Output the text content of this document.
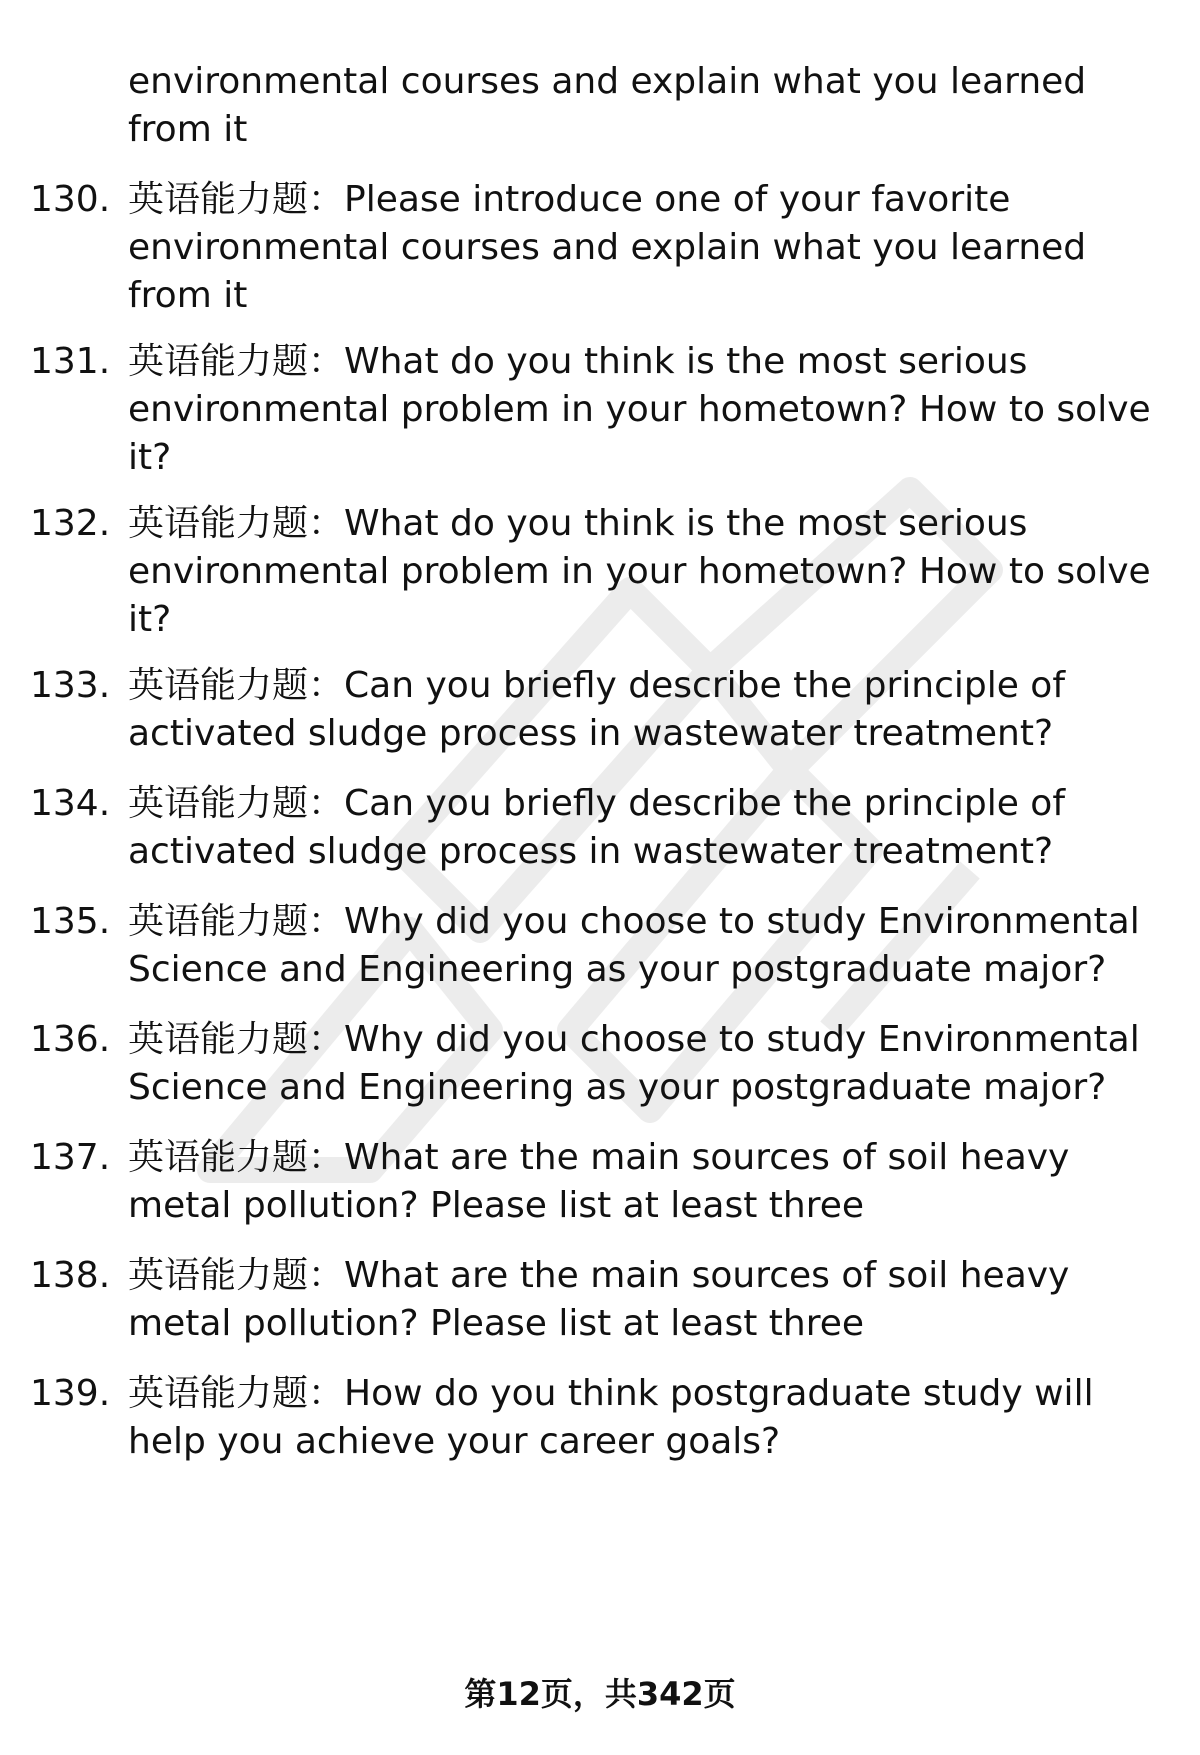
environmental courses and explain what you learned from it
130. 英语能力题：Please introduce one of your favorite environmental courses and explain what you learned from it
131. 英语能力题：What do you think is the most serious environmental problem in your hometown? How to solve it?
132. 英语能力题：What do you think is the most serious environmental problem in your hometown? How to solve it?
133. 英语能力题：Can you briefly describe the principle of activated sludge process in wastewater treatment?
134. 英语能力题：Can you briefly describe the principle of activated sludge process in wastewater treatment?
135. 英语能力题：Why did you choose to study Environmental Science and Engineering as your postgraduate major?
136. 英语能力题：Why did you choose to study Environmental Science and Engineering as your postgraduate major?
137. 英语能力题：What are the main sources of soil heavy metal pollution? Please list at least three
138. 英语能力题：What are the main sources of soil heavy metal pollution? Please list at least three
139. 英语能力题：How do you think postgraduate study will help you achieve your career goals?
第12页，共342页
